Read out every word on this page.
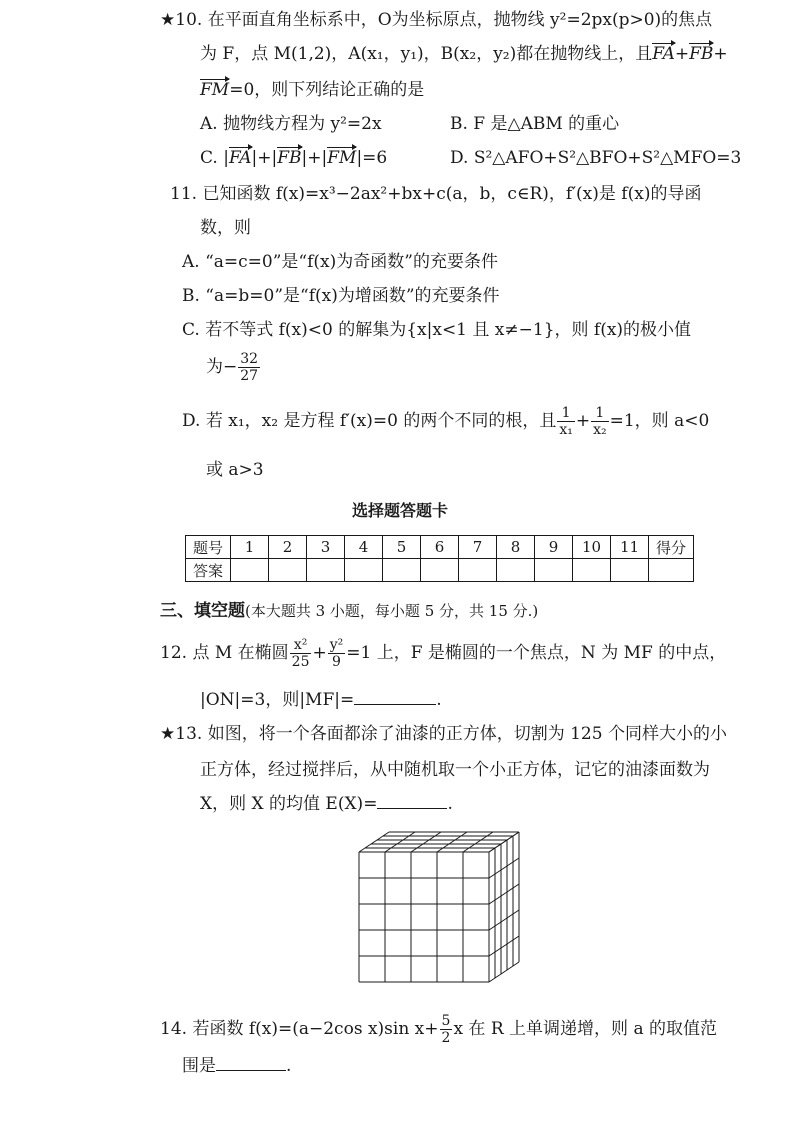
★10. 在平面直角坐标系中，O为坐标原点，抛物线 y²=2px(p>0)的焦点
为 F，点 M(1,2)，A(x₁，y₁)，B(x₂，y₂)都在抛物线上，且FA+FB+
FM=0，则下列结论正确的是
A. 抛物线方程为 y²=2x	B. F 是△ABM 的重心
C. |FA|+|FB|+|FM|=6	D. S²△AFO+S²△BFO+S²△MFO=3
11. 已知函数 f(x)=x³−2ax²+bx+c(a，b，c∈R)，f′(x)是 f(x)的导函
数，则
A. “a=c=0”是“f(x)为奇函数”的充要条件
B. “a=b=0”是“f(x)为增函数”的充要条件
C. 若不等式 f(x)<0 的解集为{x|x<1 且 x≠−1}，则 f(x)的极小值
为− $\frac{32}{27}$
D. 若 x₁，x₂ 是方程 f′(x)=0 的两个不同的根，且 $\frac{1}{\text{x₁}} + \frac{1}{\text{x₂}} =1$，则 a<0
或 a>3
选择题答题卡
题号	1	2	3	4	5	6	7	8	9	10	11	得分
答案												
三、填空题(本大题共 3 小题，每小题 5 分，共 15 分.)
12. 点 M 在椭圆 $\frac{\text{x²}}{25} + \frac{\text{y²}}{9} =1$ 上，F 是椭圆的一个焦点，N 为 MF 的中点，
|ON|=3，则|MF|=	.
★13. 如图，将一个各面都涂了油漆的正方体，切割为 125 个同样大小的小
正方体，经过搅拌后，从中随机取一个小正方体，记它的油漆面数为
X，则 X 的均值 E(X)=	.
14. 若函数 f(x)=(a−2cos x)sin $x+ \frac{5}{2}$ x 在 R 上单调递增，则 a 的取值范
围是	.
